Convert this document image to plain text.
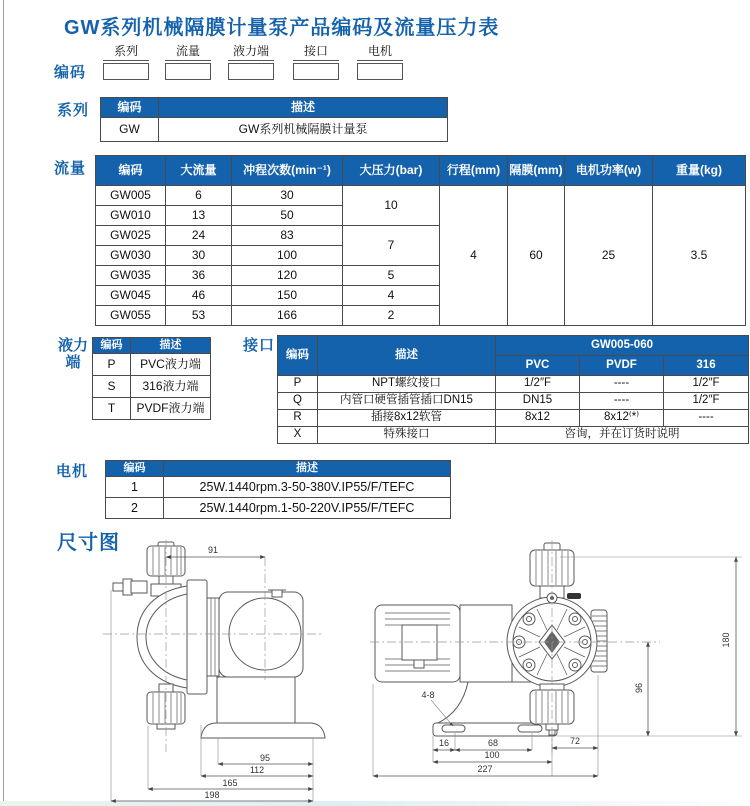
GW系列机械隔膜计量泵产品编码及流量压力表
编码
系列	流量	液力端	接口	电机
系列 编码	描述
GW	GW系列机械隔膜计量泵
流量	编码	大流量	冲程次数(min⁻¹)	大压力(bar)	行程(mm)	隔膜(mm)	电机功率(w)	重量(kg)
GW005	6	30	10	4	60	25	3.5
GW010	13	50					
GW025	24	83	7				
GW030	30	100					
GW035	36	120	5				
GW045	46	150	4				
GW055	53	166	2				
液力
端
编码	描述
P	PVC液力端
S	316液力端
T	PVDF液力端
接口
编码	描述	GW005-060		
		PVC	PVDF	316
P	NPT螺纹接口	1/2″F	----	1/2″F
Q	内管口硬管插管插口DN15	DN15	----	1/2″F
R	插接8x12软管	8x12	8x12⁽*⁾	----
X	特殊接口	咨询，并在订货时说明		
电机	编码	描述
1	25W.1440rpm.3-50-380V.IP55/F/TEFC
2	25W.1440rpm.1-50-220V.IP55/F/TEFC
尺寸图	91
95
112
165
198
4-8
16	68	72
100
227
96
180
